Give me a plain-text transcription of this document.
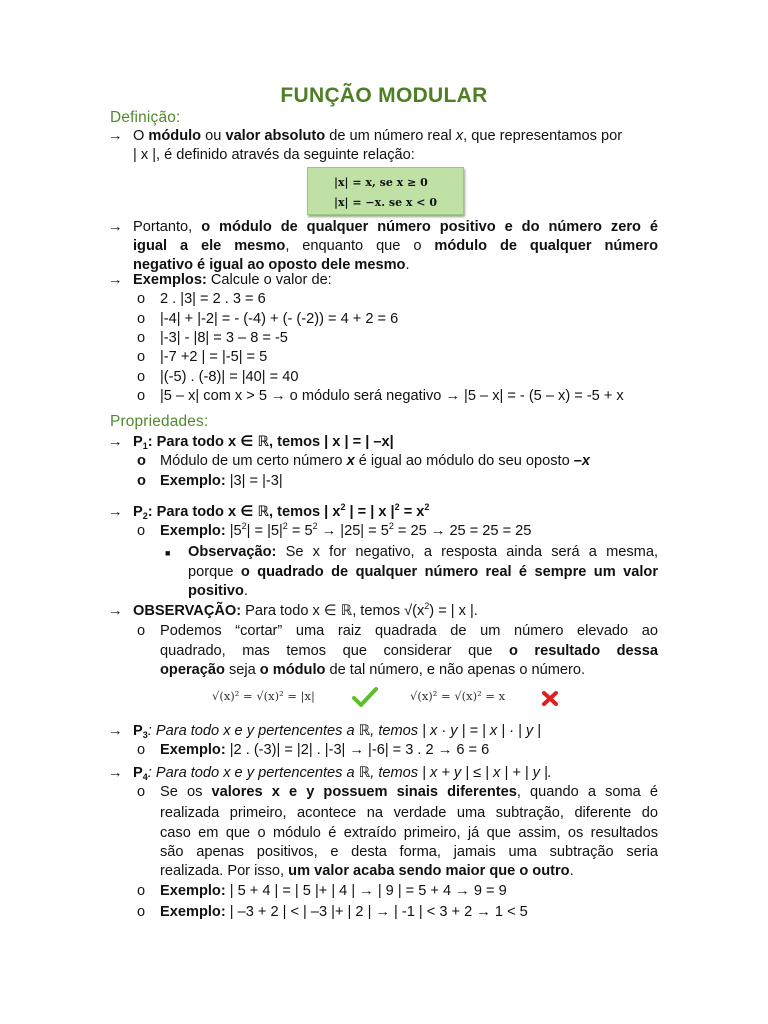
FUNÇÃO MODULAR
Definição:
→ O módulo ou valor absoluto de um número real x, que representamos por
| x |, é definido através da seguinte relação:
|x| = x, se x ≥ 0
|x| = −x. se x < 0
→ Portanto, o módulo de qualquer número positivo e do número zero é
igual a ele mesmo, enquanto que o módulo de qualquer número
negativo é igual ao oposto dele mesmo.
→ Exemplos: Calcule o valor de:
o 2 . |3| = 2 . 3 = 6
o |-4| + |-2| = - (-4) + (- (-2)) = 4 + 2 = 6
o |-3| - |8| = 3 – 8 = -5
o |-7 +2 | = |-5| = 5
o |(-5) . (-8)| = |40| = 40
o |5 – x| com x > 5 → o módulo será negativo → |5 – x| = - (5 – x) = -5 + x
Propriedades:
→ $P_1$: Para todo x ∈ ℝ, temos | x | = | –x|
o Módulo de um certo número x é igual ao módulo do seu oposto –x
o Exemplo: |3| = |-3|
→ $P_2$: Para todo x ∈ ℝ, temos | $x^2$ | = | x $|^2 = x^2$
o Exemplo: $|5^2| = |5|^2 = 5^2 \to |25| = 5^2 = 25 \to 25 = 25 = 25$
■ Observação: Se x for negativo, a resposta ainda será a mesma,
porque o quadrado de qualquer número real é sempre um valor
positivo.
→ OBSERVAÇÃO: Para todo x ∈ ℝ, temos $√(x^2)$ = | x |.
o Podemos “cortar” uma raiz quadrada de um número elevado ao
quadrado, mas temos que considerar que o resultado dessa
operação seja o módulo de tal número, e não apenas o número.
√(x)² = √(x)² = |x|	√(x)² = √(x)² = x
→ $P_3$: Para todo x e y pertencentes a ℝ, temos | x · y | = | x | · | y |
o Exemplo: |2 . (-3)| = |2| . |-3| → |-6| = 3 . 2 → 6 = 6
→ $P_4$: Para todo x e y pertencentes a ℝ, temos | x + y | ≤ | x | + | y |.
o Se os valores x e y possuem sinais diferentes, quando a soma é
realizada primeiro, acontece na verdade uma subtração, diferente do
caso em que o módulo é extraído primeiro, já que assim, os resultados
são apenas positivos, e desta forma, jamais uma subtração seria
realizada. Por isso, um valor acaba sendo maior que o outro.
o Exemplo: | 5 + 4 | = | 5 |+ | 4 | → | 9 | = 5 + 4 → 9 = 9
o Exemplo: | –3 + 2 | < | –3 |+ | 2 | → | -1 | < 3 + 2 → 1 < 5
